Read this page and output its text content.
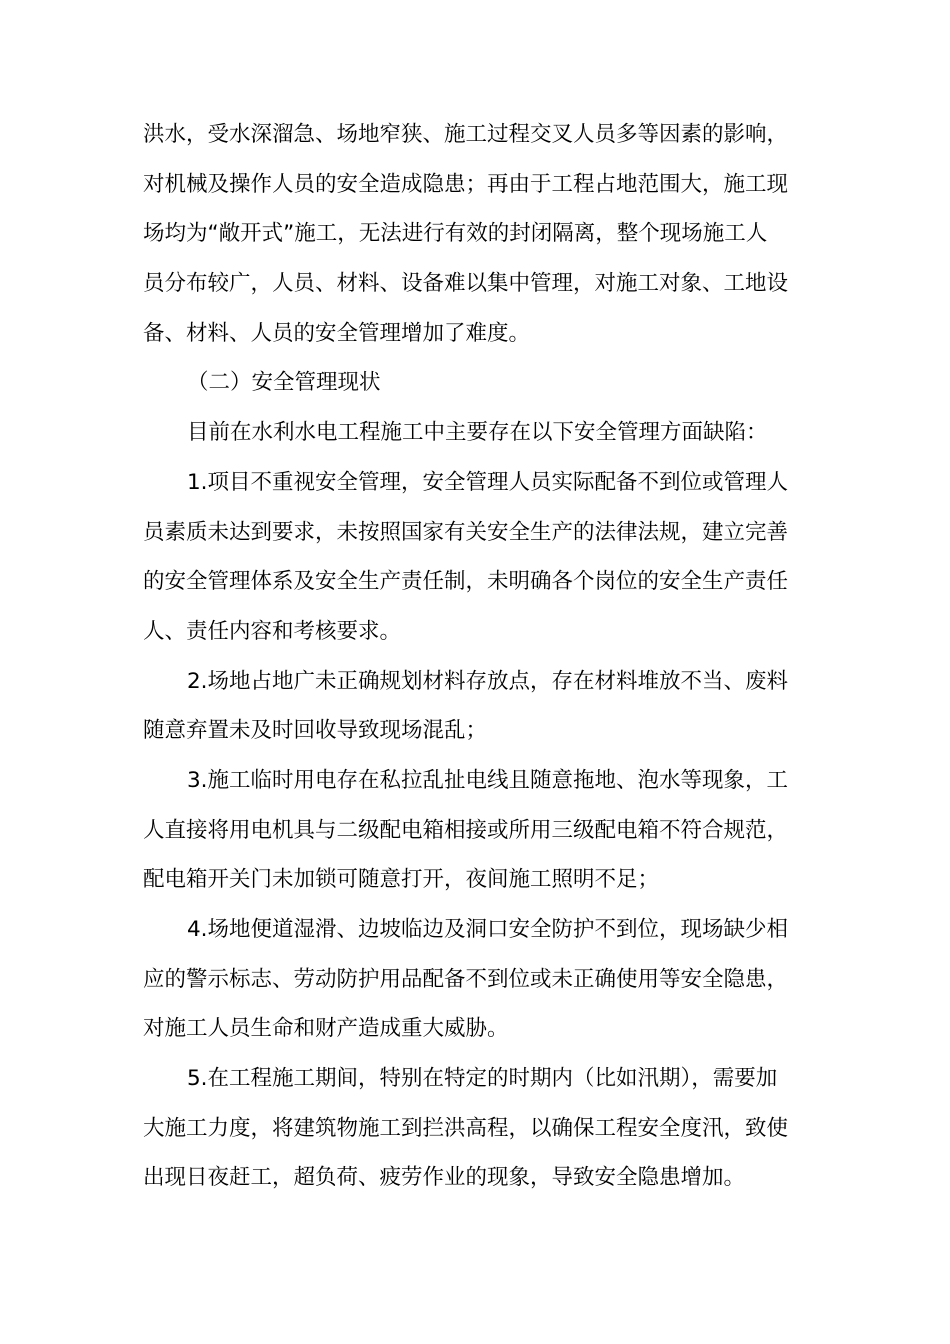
洪水，受水深溜急、场地窄狭、施工过程交叉人员多等因素的影响，
对机械及操作人员的安全造成隐患；再由于工程占地范围大，施工现
场均为“敞开式”施工，无法进行有效的封闭隔离，整个现场施工人
员分布较广，人员、材料、设备难以集中管理，对施工对象、工地设
备、材料、人员的安全管理增加了难度。
（二）安全管理现状
目前在水利水电工程施工中主要存在以下安全管理方面缺陷：
1.项目不重视安全管理，安全管理人员实际配备不到位或管理人
员素质未达到要求，未按照国家有关安全生产的法律法规，建立完善
的安全管理体系及安全生产责任制，未明确各个岗位的安全生产责任
人、责任内容和考核要求。
2.场地占地广未正确规划材料存放点，存在材料堆放不当、废料
随意弃置未及时回收导致现场混乱；
3.施工临时用电存在私拉乱扯电线且随意拖地、泡水等现象，工
人直接将用电机具与二级配电箱相接或所用三级配电箱不符合规范，
配电箱开关门未加锁可随意打开，夜间施工照明不足；
4.场地便道湿滑、边坡临边及洞口安全防护不到位，现场缺少相
应的警示标志、劳动防护用品配备不到位或未正确使用等安全隐患，
对施工人员生命和财产造成重大威胁。
5.在工程施工期间，特别在特定的时期内（比如汛期），需要加
大施工力度，将建筑物施工到拦洪高程，以确保工程安全度汛，致使
出现日夜赶工，超负荷、疲劳作业的现象，导致安全隐患增加。
